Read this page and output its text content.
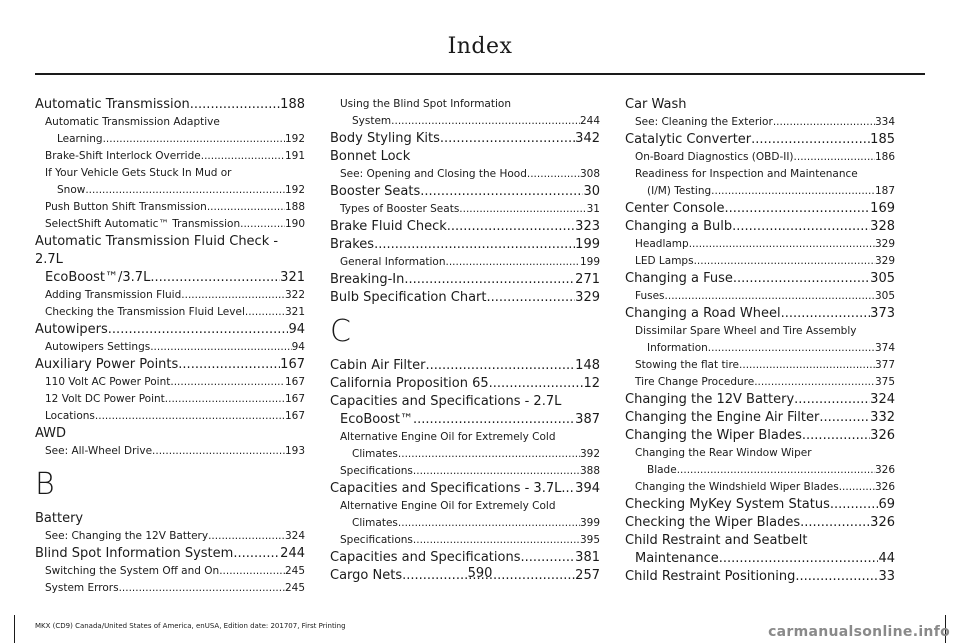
Index
Automatic Transmission .....	188
Automatic Transmission Adaptive
Learning .....	192
Brake-Shift Interlock Override .....	191
If Your Vehicle Gets Stuck In Mud or
Snow .....	192
Push Button Shift Transmission .....	188
SelectShift Automatic™ Transmission .....	190
Automatic Transmission Fluid Check - 2.7L
EcoBoost™/3.7L .....	321
Adding Transmission Fluid .....	322
Checking the Transmission Fluid Level .....	321
Autowipers .....	94
Autowipers Settings .....	94
Auxiliary Power Points .....	167
110 Volt AC Power Point .....	167
12 Volt DC Power Point .....	167
Locations .....	167
AWD
See: All-Wheel Drive .....	193
B
Battery
See: Changing the 12V Battery .....	324
Blind Spot Information System .....	244
Switching the System Off and On .....	245
System Errors .....	245
Using the Blind Spot Information
System .....	244
Body Styling Kits .....	342
Bonnet Lock
See: Opening and Closing the Hood .....	308
Booster Seats .....	30
Types of Booster Seats .....	31
Brake Fluid Check .....	323
Brakes .....	199
General Information .....	199
Breaking-In .....	271
Bulb Specification Chart .....	329
C
Cabin Air Filter .....	148
California Proposition 65 .....	12
Capacities and Specifications - 2.7L
EcoBoost™ .....	387
Alternative Engine Oil for Extremely Cold
Climates .....	392
Specifications .....	388
Capacities and Specifications - 3.7L ..... 394
Alternative Engine Oil for Extremely Cold
Climates .....	399
Specifications .....	395
Capacities and Specifications .....	381
Cargo Nets .....	257
Car Wash
See: Cleaning the Exterior .....	334
Catalytic Converter .....	185
On-Board Diagnostics (OBD-II) .....	186
Readiness for Inspection and Maintenance
(I/M) Testing .....	187
Center Console .....	169
Changing a Bulb .....	328
Headlamp .....	329
LED Lamps .....	329
Changing a Fuse .....	305
Fuses .....	305
Changing a Road Wheel .....	373
Dissimilar Spare Wheel and Tire Assembly
Information .....	374
Stowing the flat tire .....	377
Tire Change Procedure .....	375
Changing the 12V Battery .....	324
Changing the Engine Air Filter .....	332
Changing the Wiper Blades .....	326
Changing the Rear Window Wiper
Blade .....	326
Changing the Windshield Wiper Blades .....	326
Checking MyKey System Status .....	69
Checking the Wiper Blades .....	326
Child Restraint and Seatbelt
Maintenance .....	44
Child Restraint Positioning .....	33
590
MKX (CD9) Canada/United States of America, enUSA, Edition date: 201707, First Printing	carmanualsonline.info
